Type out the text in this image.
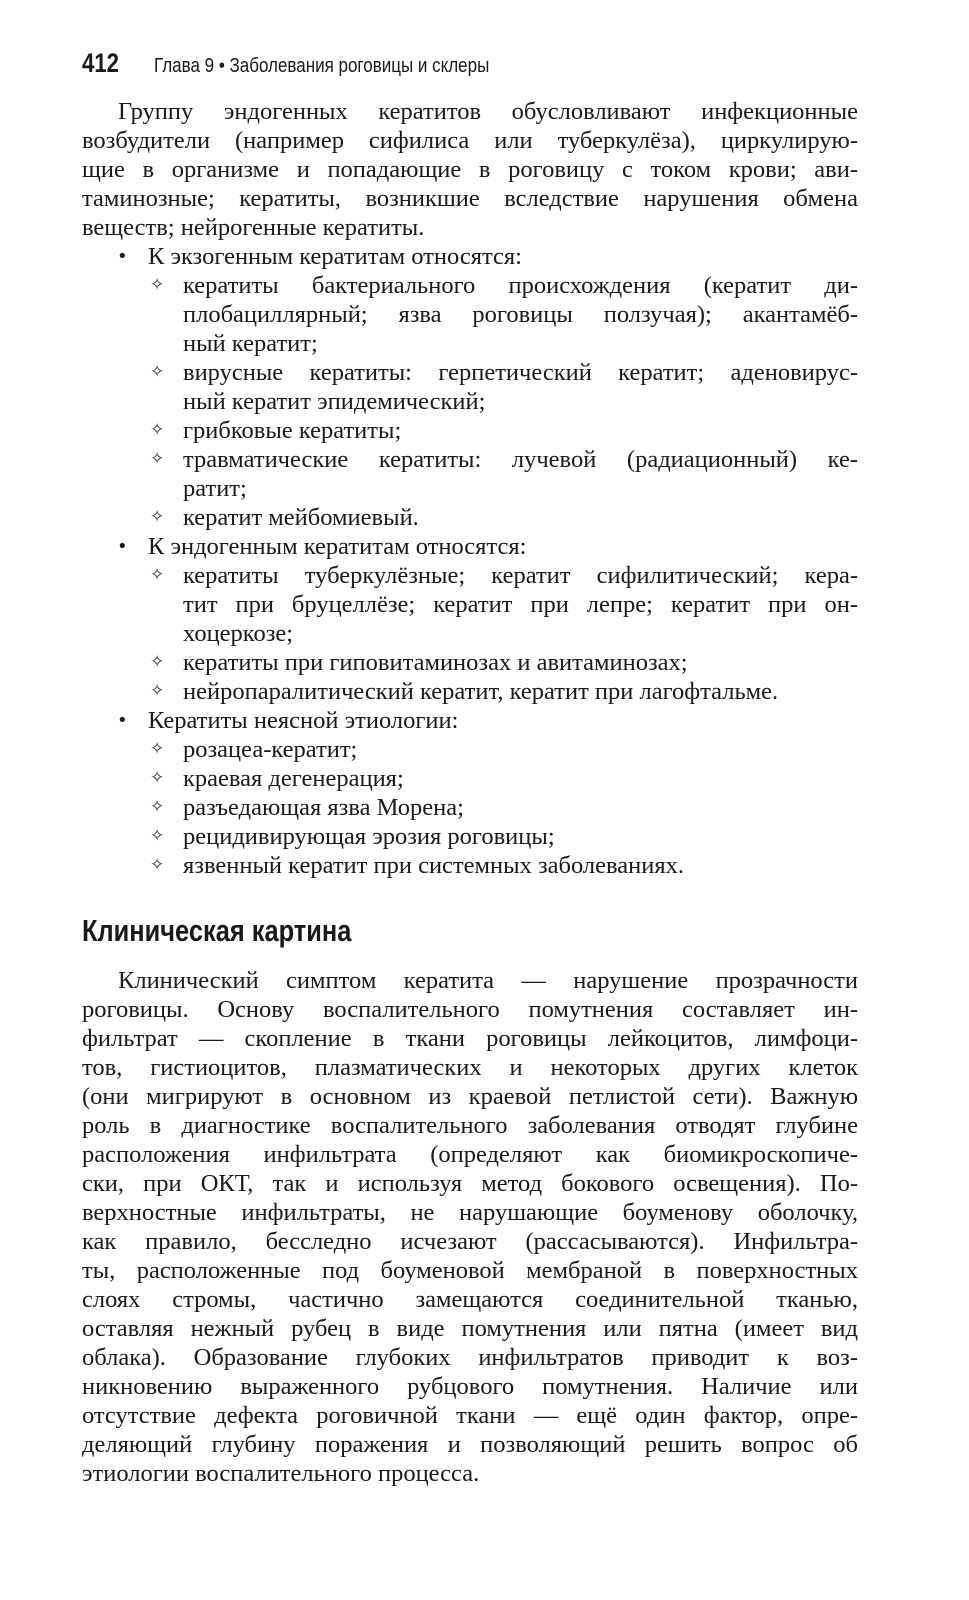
412 Глава 9 • Заболевания роговицы и склеры
Группу эндогенных кератитов обусловливают инфекционные
возбудители (например сифилиса или туберкулёза), циркулирую-
щие в организме и попадающие в роговицу с током крови; ави-
таминозные; кератиты, возникшие вследствие нарушения обмена
веществ; нейрогенные кератиты.
• К экзогенным кератитам относятся:
✧ кератиты бактериального происхождения (кератит ди-
плобациллярный; язва роговицы ползучая); акантамёб-
ный кератит;
✧ вирусные кератиты: герпетический кератит; аденовирус-
ный кератит эпидемический;
✧ грибковые кератиты;
✧ травматические кератиты: лучевой (радиационный) ке-
ратит;
✧ кератит мейбомиевый.
• К эндогенным кератитам относятся:
✧ кератиты туберкулёзные; кератит сифилитический; кера-
тит при бруцеллёзе; кератит при лепре; кератит при он-
хоцеркозе;
✧ кератиты при гиповитаминозах и авитаминозах;
✧ нейропаралитический кератит, кератит при лагофтальме.
• Кератиты неясной этиологии:
✧ розацеа-кератит;
✧ краевая дегенерация;
✧ разъедающая язва Морена;
✧ рецидивирующая эрозия роговицы;
✧ язвенный кератит при системных заболеваниях.
Клиническая картина
Клинический симптом кератита — нарушение прозрачности
роговицы. Основу воспалительного помутнения составляет ин-
фильтрат — скопление в ткани роговицы лейкоцитов, лимфоци-
тов, гистиоцитов, плазматических и некоторых других клеток
(они мигрируют в основном из краевой петлистой сети). Важную
роль в диагностике воспалительного заболевания отводят глубине
расположения инфильтрата (определяют как биомикроскопиче-
ски, при ОКТ, так и используя метод бокового освещения). По-
верхностные инфильтраты, не нарушающие боуменову оболочку,
как правило, бесследно исчезают (рассасываются). Инфильтра-
ты, расположенные под боуменовой мембраной в поверхностных
слоях стромы, частично замещаются соединительной тканью,
оставляя нежный рубец в виде помутнения или пятна (имеет вид
облака). Образование глубоких инфильтратов приводит к воз-
никновению выраженного рубцового помутнения. Наличие или
отсутствие дефекта роговичной ткани — ещё один фактор, опре-
деляющий глубину поражения и позволяющий решить вопрос об
этиологии воспалительного процесса.
